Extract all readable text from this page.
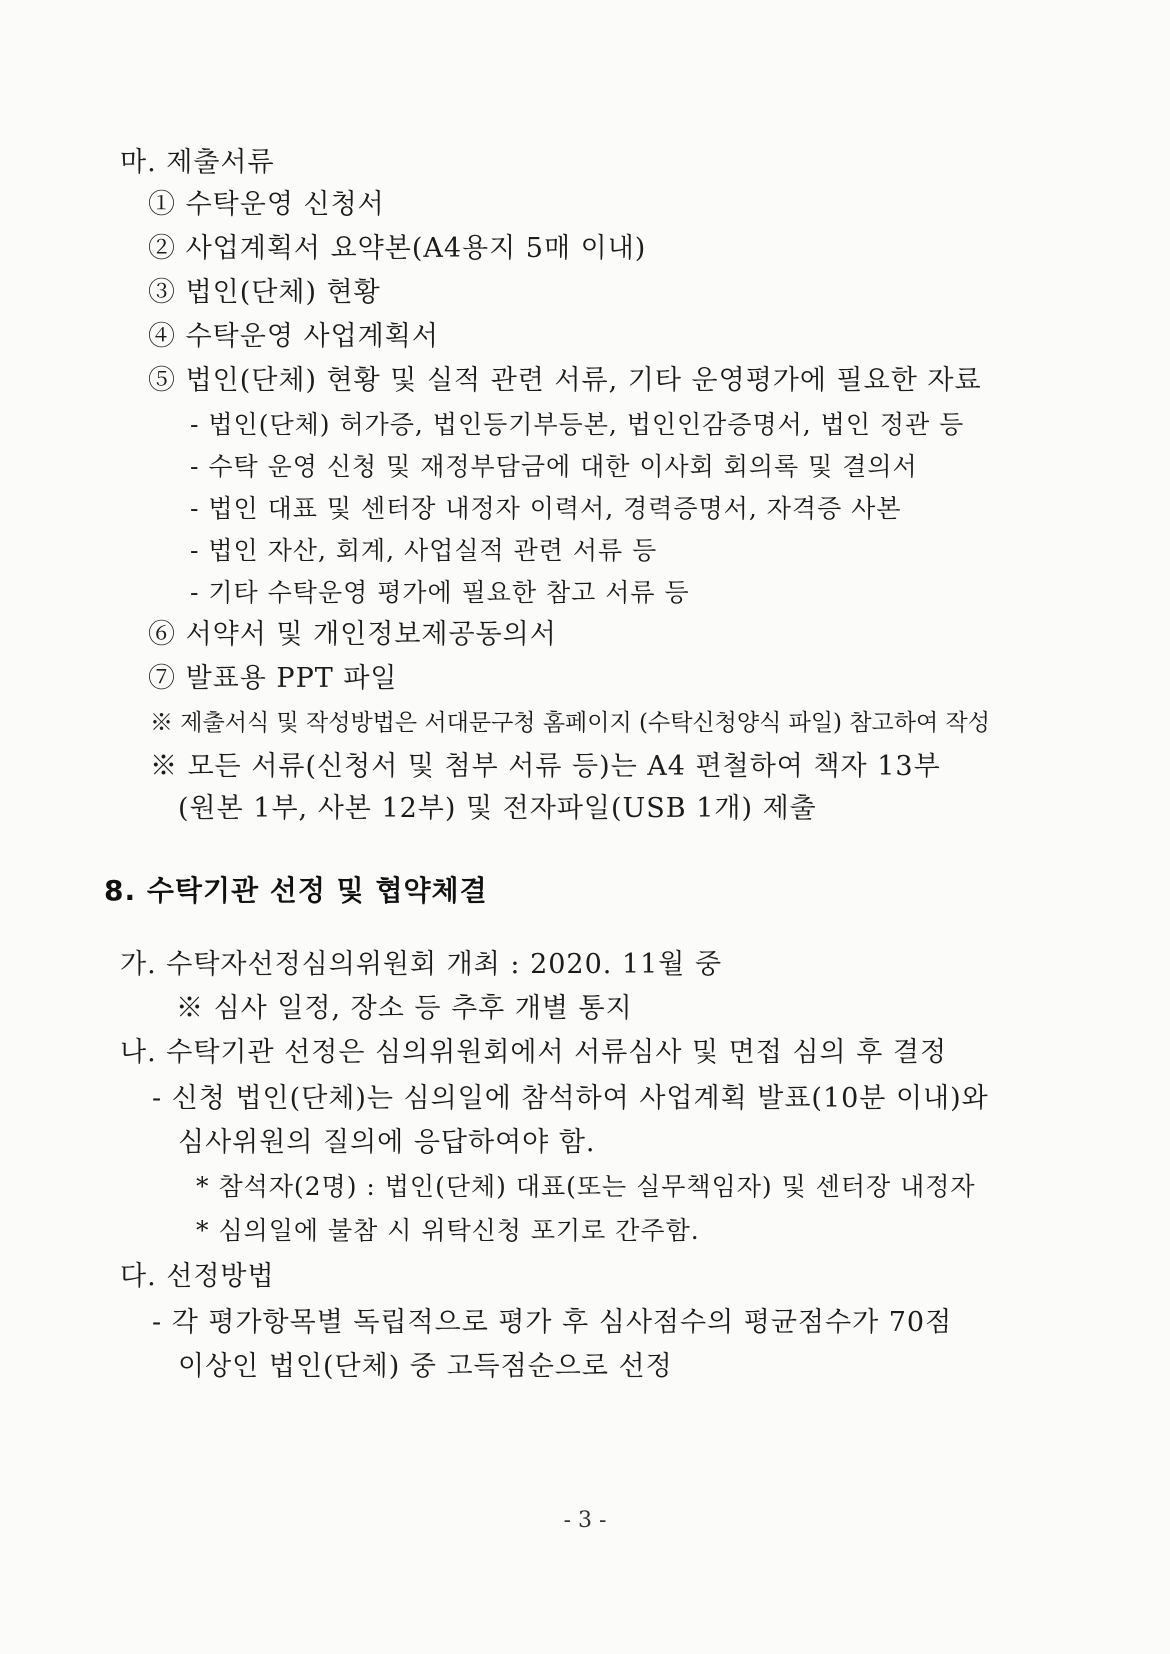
마. 제출서류
① 수탁운영 신청서
② 사업계획서 요약본(A4용지 5매 이내)
③ 법인(단체) 현황
④ 수탁운영 사업계획서
⑤ 법인(단체) 현황 및 실적 관련 서류, 기타 운영평가에 필요한 자료
- 법인(단체) 허가증, 법인등기부등본, 법인인감증명서, 법인 정관 등
- 수탁 운영 신청 및 재정부담금에 대한 이사회 회의록 및 결의서
- 법인 대표 및 센터장 내정자 이력서, 경력증명서, 자격증 사본
- 법인 자산, 회계, 사업실적 관련 서류 등
- 기타 수탁운영 평가에 필요한 참고 서류 등
⑥ 서약서 및 개인정보제공동의서
⑦ 발표용 PPT 파일
※ 제출서식 및 작성방법은 서대문구청 홈페이지 (수탁신청양식 파일) 참고하여 작성
※ 모든 서류(신청서 및 첨부 서류 등)는 A4 편철하여 책자 13부
(원본 1부, 사본 12부) 및 전자파일(USB 1개) 제출
8. 수탁기관 선정 및 협약체결
가. 수탁자선정심의위원회 개최 : 2020. 11월 중
※ 심사 일정, 장소 등 추후 개별 통지
나. 수탁기관 선정은 심의위원회에서 서류심사 및 면접 심의 후 결정
- 신청 법인(단체)는 심의일에 참석하여 사업계획 발표(10분 이내)와
심사위원의 질의에 응답하여야 함.
* 참석자(2명) : 법인(단체) 대표(또는 실무책임자) 및 센터장 내정자
* 심의일에 불참 시 위탁신청 포기로 간주함.
다. 선정방법
- 각 평가항목별 독립적으로 평가 후 심사점수의 평균점수가 70점
이상인 법인(단체) 중 고득점순으로 선정
- 3 -
